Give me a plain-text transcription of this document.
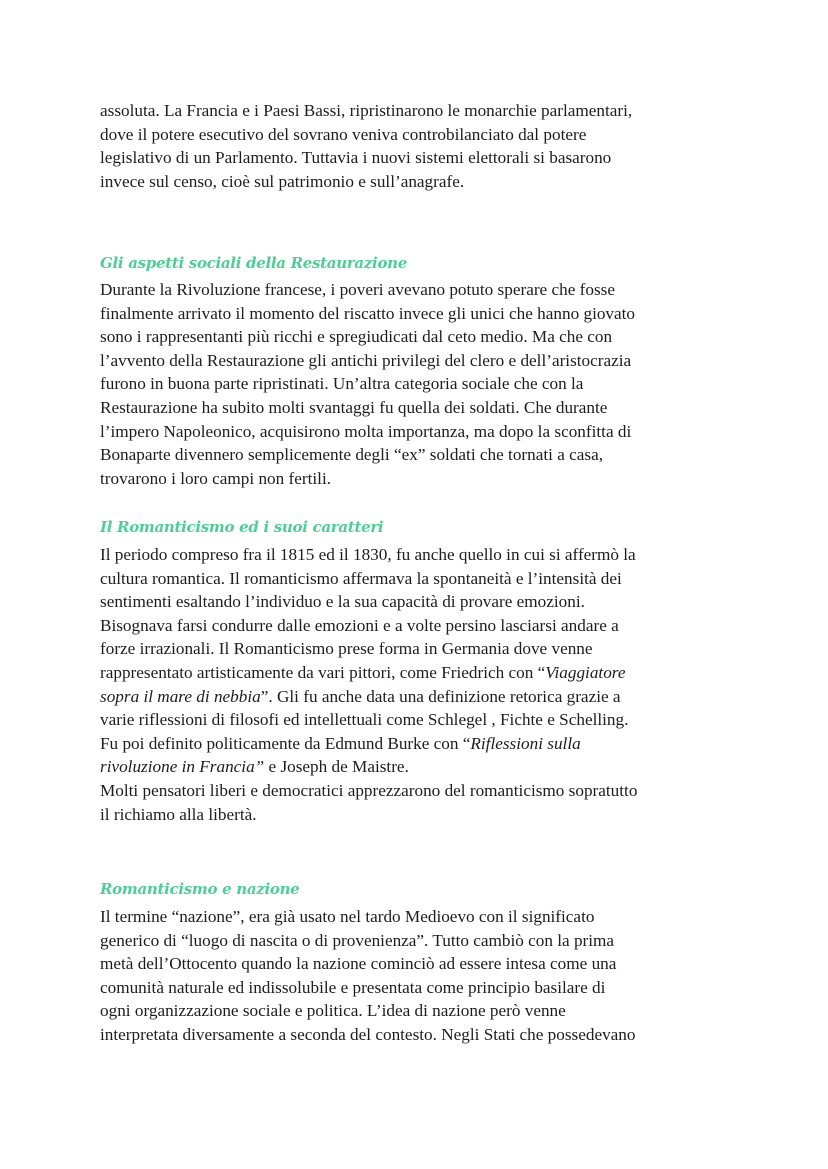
assoluta. La Francia e i Paesi Bassi, ripristinarono le monarchie parlamentari,
dove il potere esecutivo del sovrano veniva controbilanciato dal potere
legislativo di un Parlamento. Tuttavia i nuovi sistemi elettorali si basarono
invece sul censo, cioè sul patrimonio e sull’anagrafe.
Gli aspetti sociali della Restaurazione
Durante la Rivoluzione francese, i poveri avevano potuto sperare che fosse
finalmente arrivato il momento del riscatto invece gli unici che hanno giovato
sono i rappresentanti più ricchi e spregiudicati dal ceto medio. Ma che con
l’avvento della Restaurazione gli antichi privilegi del clero e dell’aristocrazia
furono in buona parte ripristinati. Un’altra categoria sociale che con la
Restaurazione ha subito molti svantaggi fu quella dei soldati. Che durante
l’impero Napoleonico, acquisirono molta importanza, ma dopo la sconfitta di
Bonaparte divennero semplicemente degli “ex” soldati che tornati a casa,
trovarono i loro campi non fertili.
Il Romanticismo ed i suoi caratteri
Il periodo compreso fra il 1815 ed il 1830, fu anche quello in cui si affermò la
cultura romantica. Il romanticismo affermava la spontaneità e l’intensità dei
sentimenti esaltando l’individuo e la sua capacità di provare emozioni.
Bisognava farsi condurre dalle emozioni e a volte persino lasciarsi andare a
forze irrazionali. Il Romanticismo prese forma in Germania dove venne
rappresentato artisticamente da vari pittori, come Friedrich con “Viaggiatore
sopra il mare di nebbia”. Gli fu anche data una definizione retorica grazie a
varie riflessioni di filosofi ed intellettuali come Schlegel , Fichte e Schelling.
Fu poi definito politicamente da Edmund Burke con “Riflessioni sulla
rivoluzione in Francia” e Joseph de Maistre.
Molti pensatori liberi e democratici apprezzarono del romanticismo sopratutto
il richiamo alla libertà.
Romanticismo e nazione
Il termine “nazione”, era già usato nel tardo Medioevo con il significato
generico di “luogo di nascita o di provenienza”. Tutto cambiò con la prima
metà dell’Ottocento quando la nazione cominciò ad essere intesa come una
comunità naturale ed indissolubile e presentata come principio basilare di
ogni organizzazione sociale e politica. L’idea di nazione però venne
interpretata diversamente a seconda del contesto. Negli Stati che possedevano
